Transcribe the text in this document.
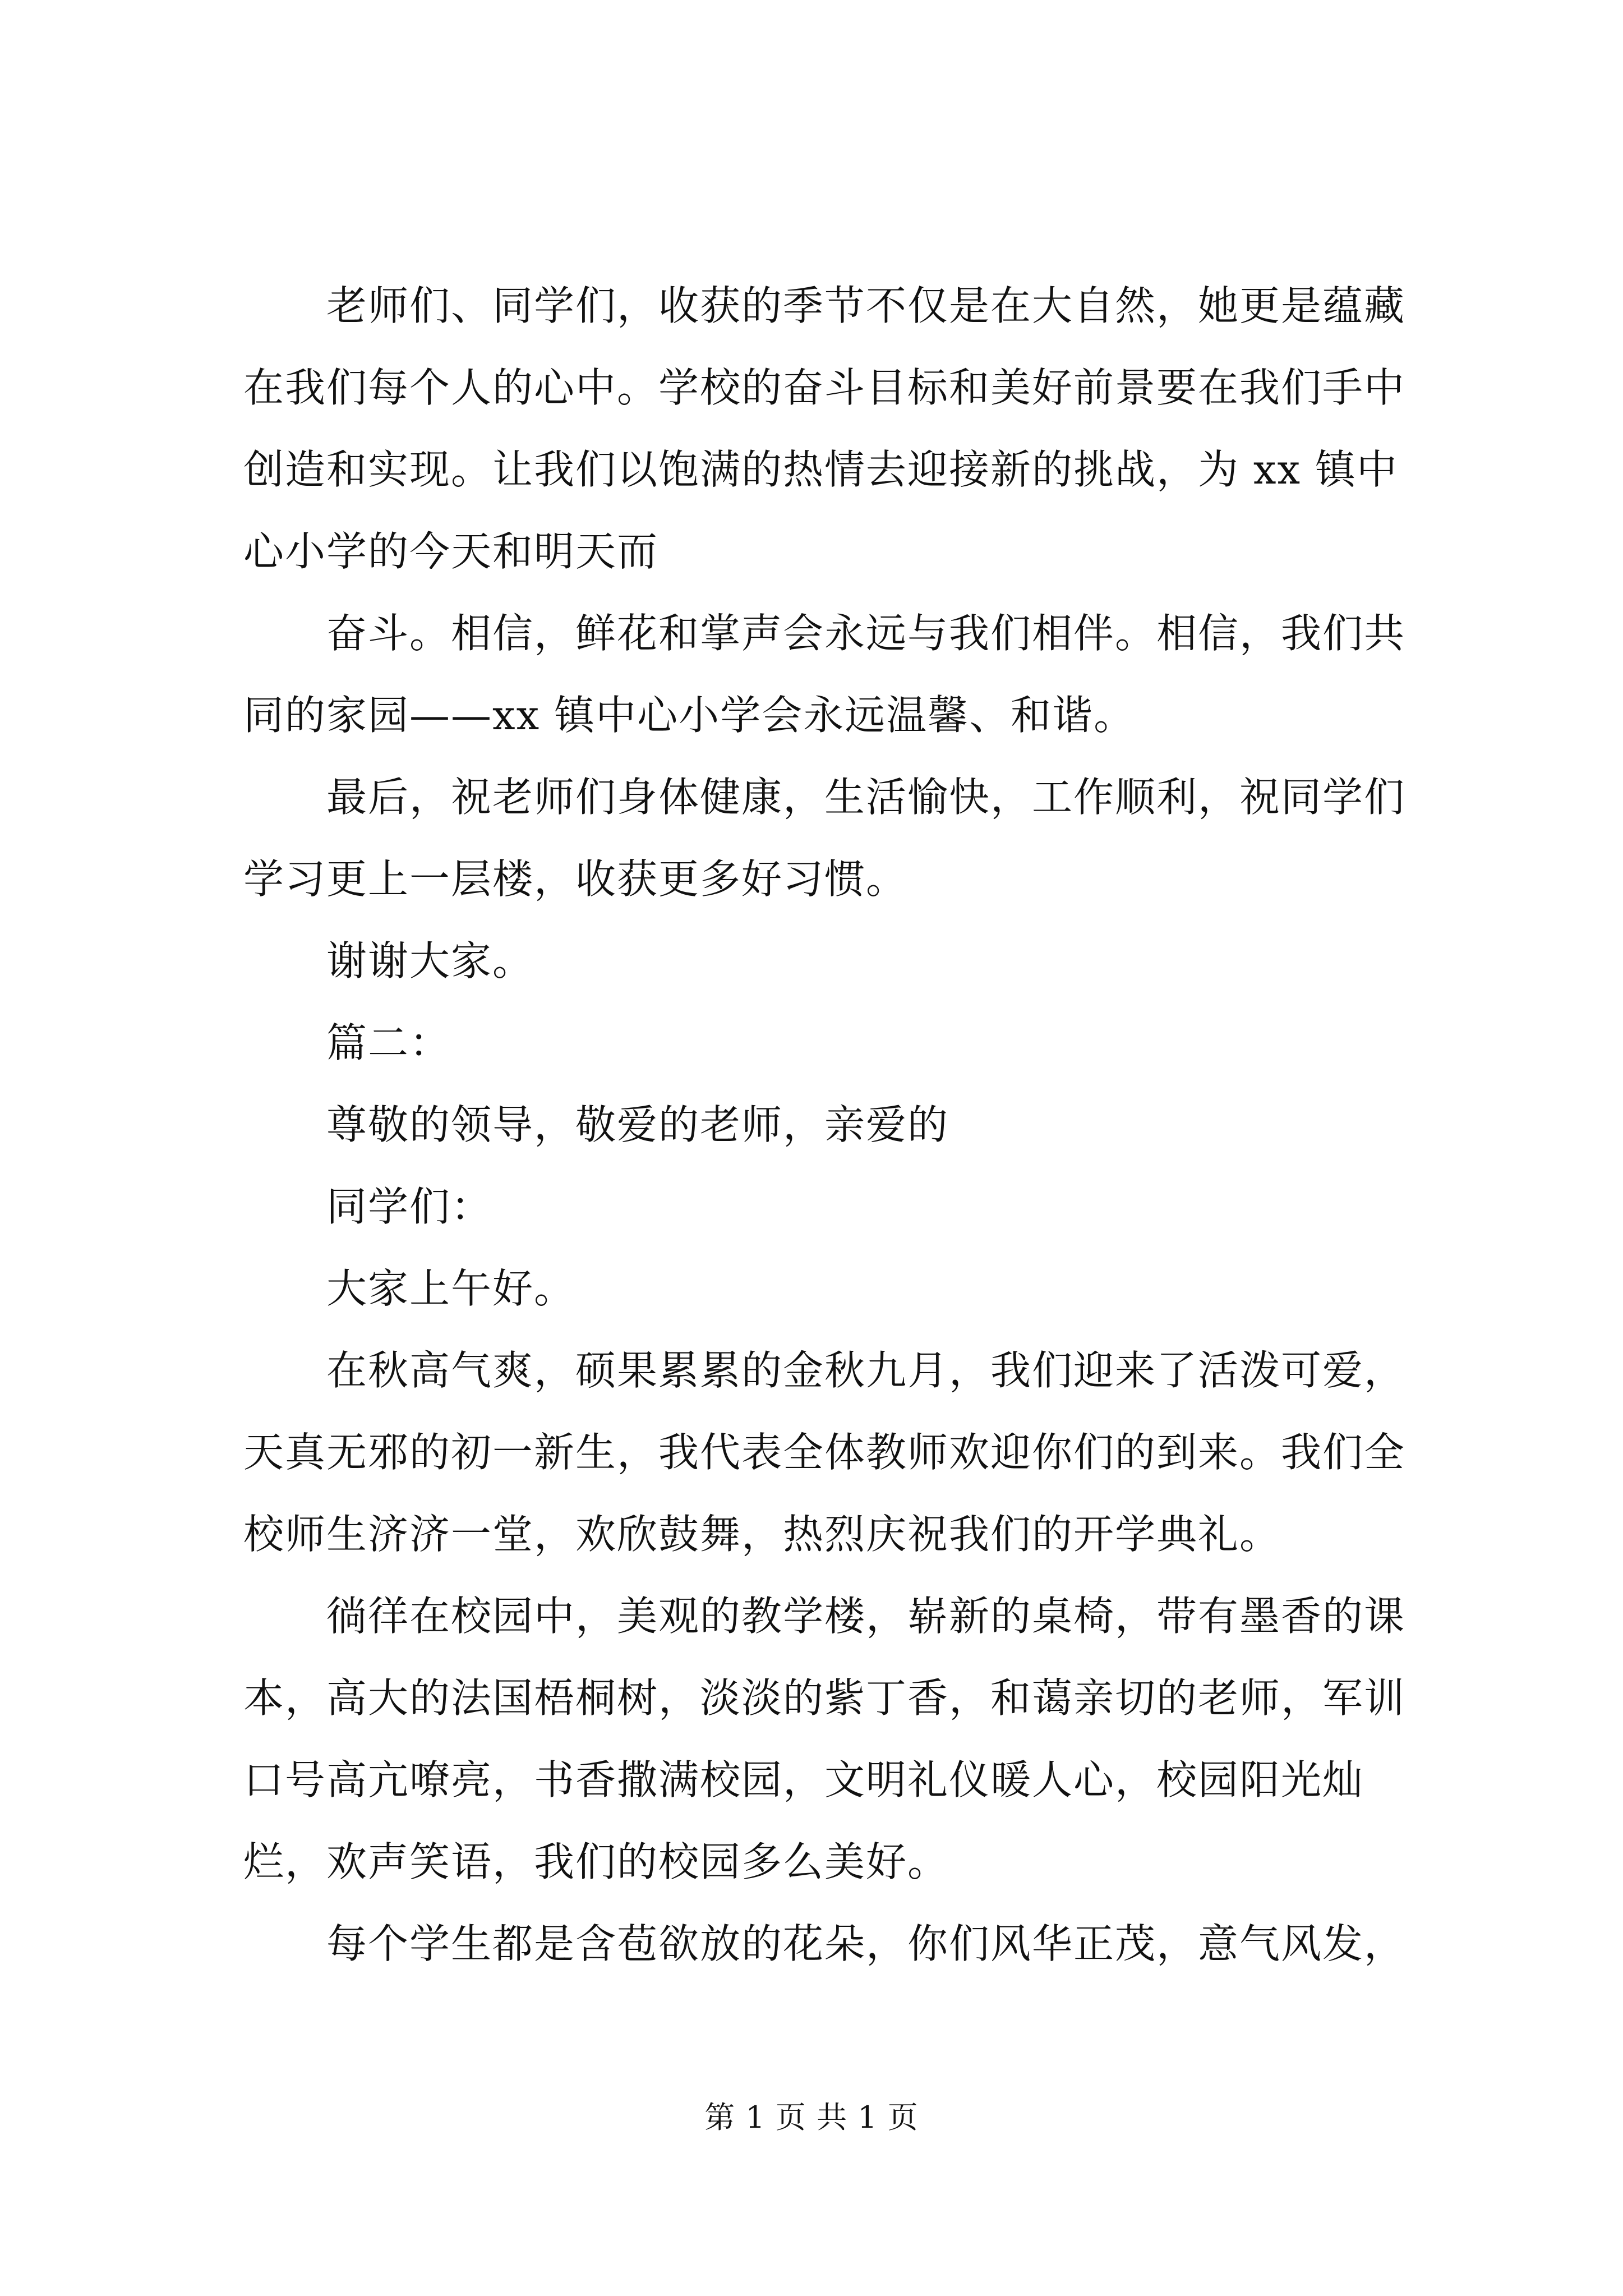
　　老师们、同学们，收获的季节不仅是在大自然，她更是蕴藏在我们每个人的心中。学校的奋斗目标和美好前景要在我们手中创造和实现。让我们以饱满的热情去迎接新的挑战，为 xx 镇中心小学的今天和明天而

　　奋斗。相信，鲜花和掌声会永远与我们相伴。相信，我们共同的家园——xx 镇中心小学会永远温馨、和谐。

　　最后，祝老师们身体健康，生活愉快，工作顺利，祝同学们学习更上一层楼，收获更多好习惯。

　　谢谢大家。

　　篇二：

　　尊敬的领导，敬爱的老师，亲爱的

　　同学们：

　　大家上午好。

　　在秋高气爽，硕果累累的金秋九月，我们迎来了活泼可爱，天真无邪的初一新生，我代表全体教师欢迎你们的到来。我们全校师生济济一堂，欢欣鼓舞，热烈庆祝我们的开学典礼。

　　徜徉在校园中，美观的教学楼，崭新的桌椅，带有墨香的课本，高大的法国梧桐树，淡淡的紫丁香，和蔼亲切的老师，军训口号高亢嘹亮，书香撒满校园，文明礼仪暖人心，校园阳光灿烂，欢声笑语，我们的校园多么美好。

　　每个学生都是含苞欲放的花朵，你们风华正茂，意气风发，

第 1 页 共 1 页
